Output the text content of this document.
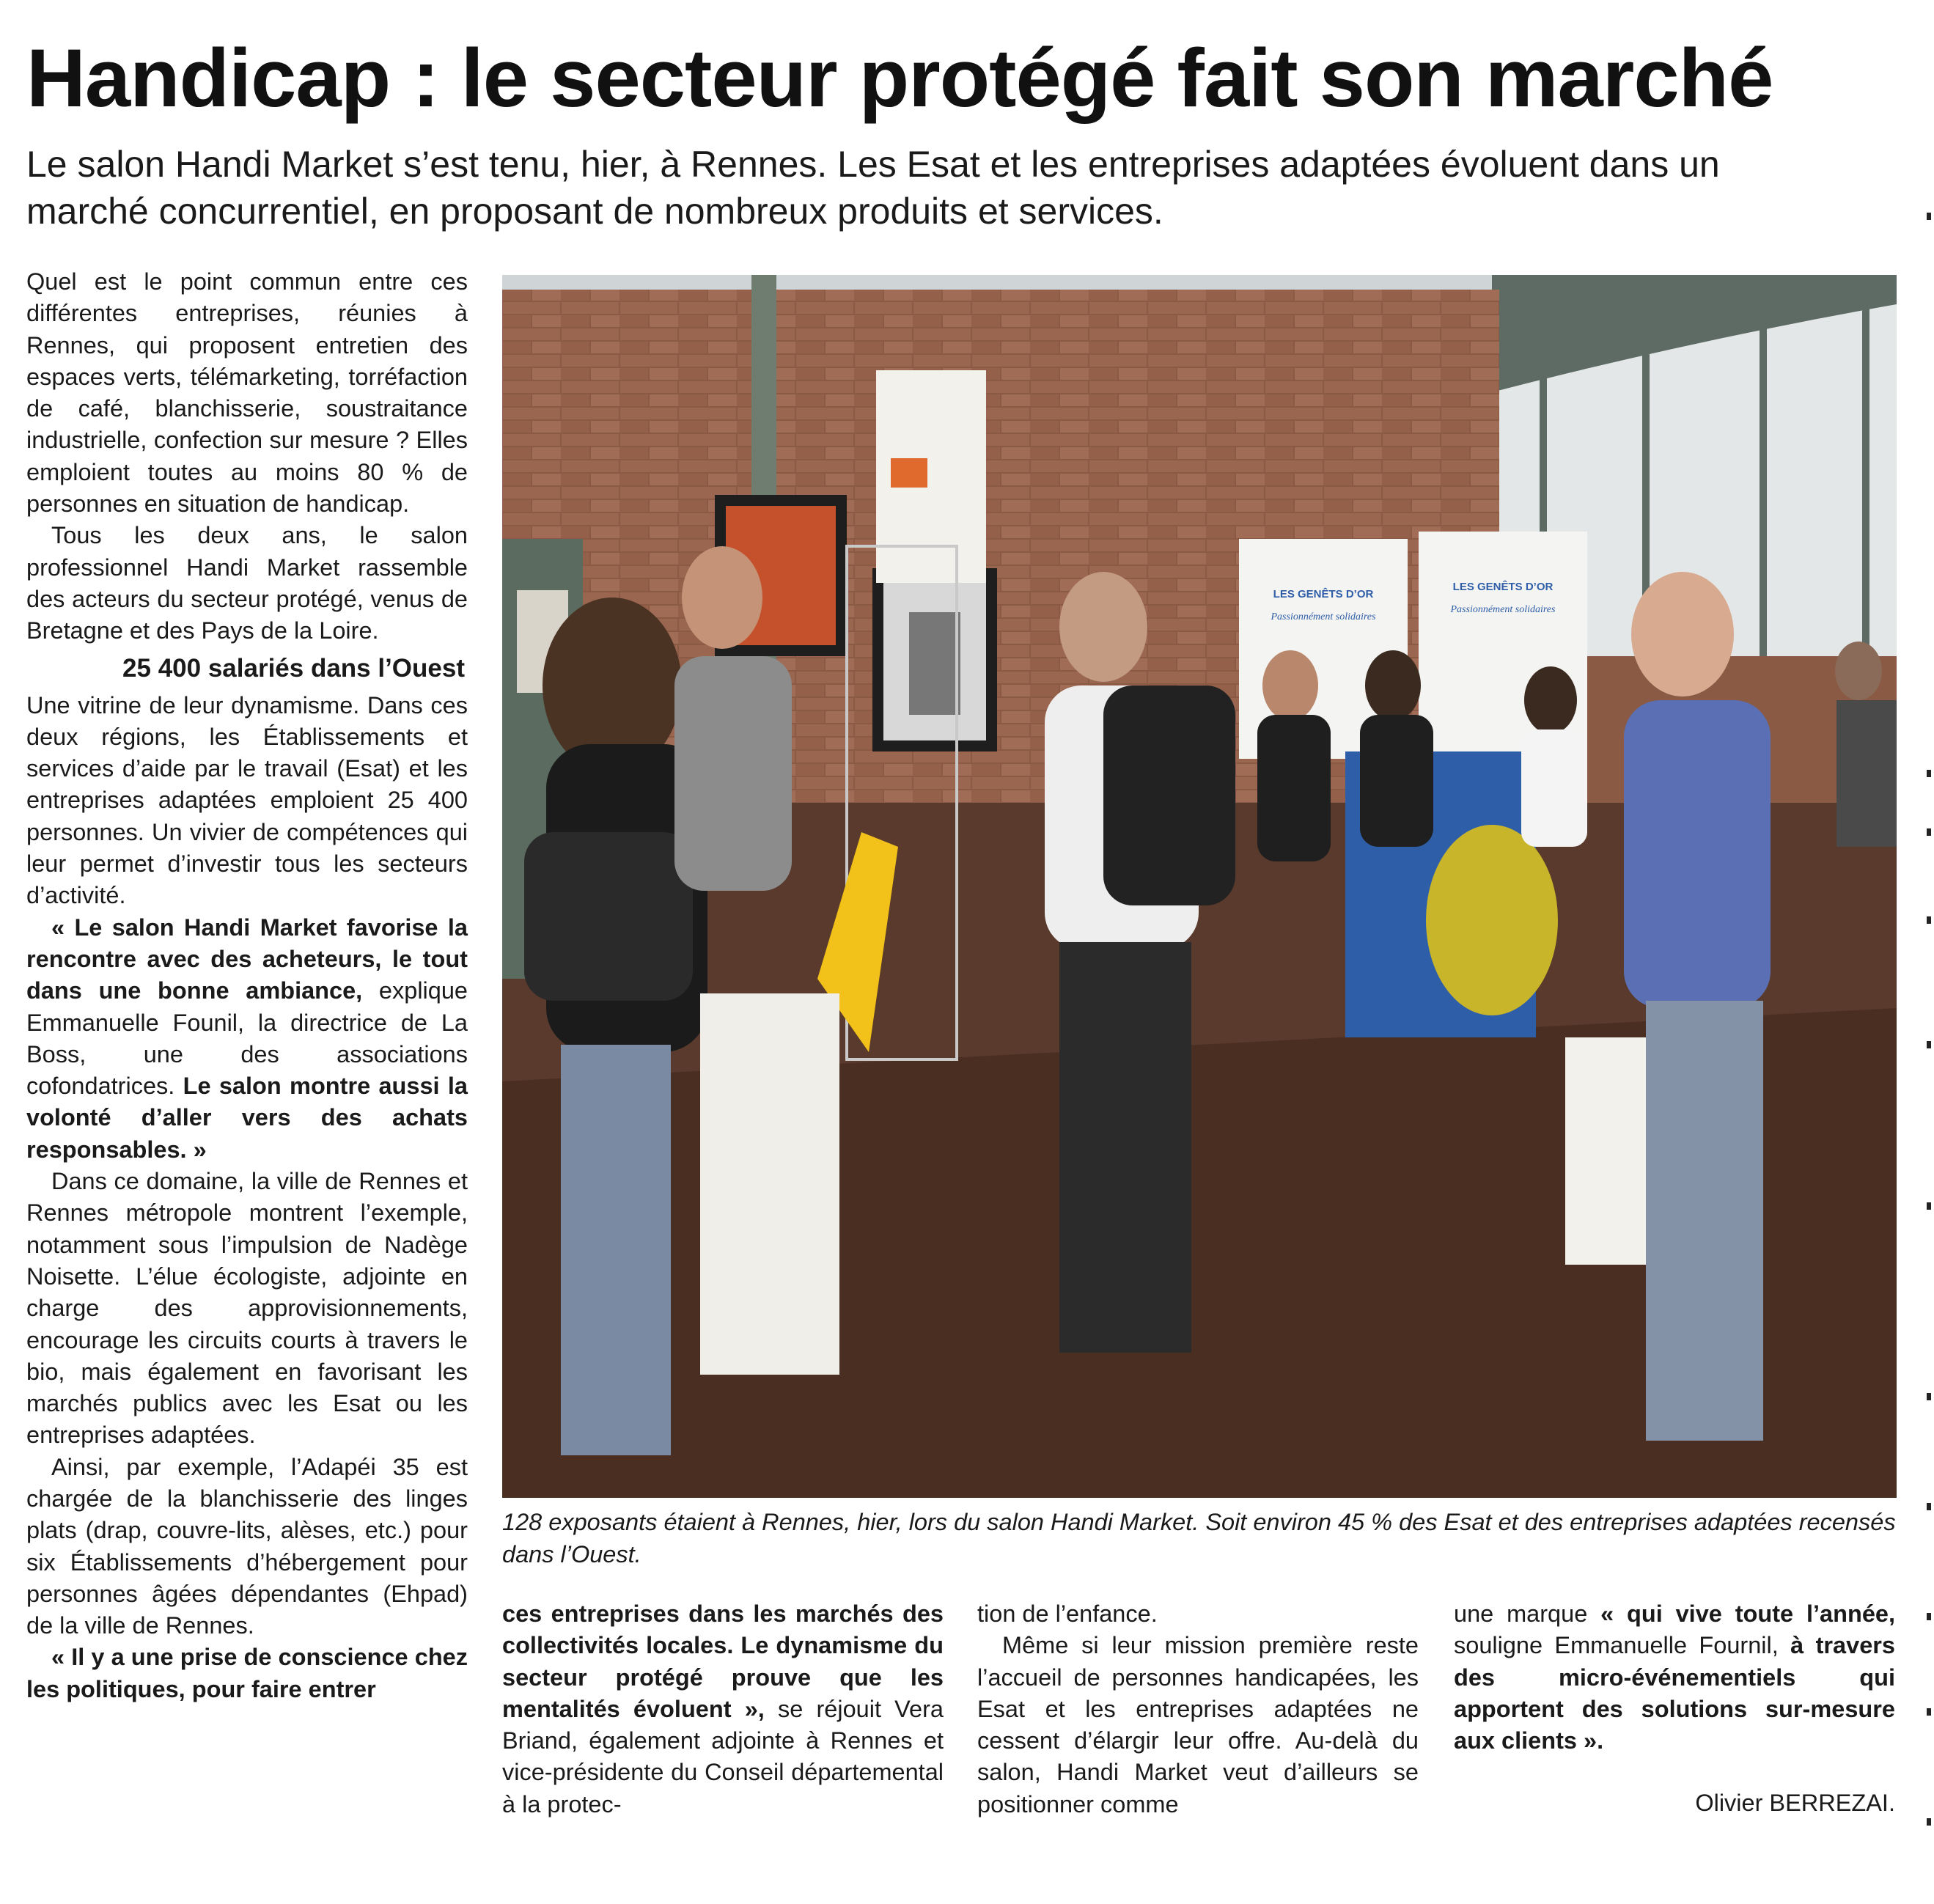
Handicap : le secteur protégé fait son marché

Le salon Handi Market s’est tenu, hier, à Rennes. Les Esat et les entreprises adaptées évoluent dans un marché concurrentiel, en proposant de nombreux produits et services.

Quel est le point commun entre ces différentes entreprises, réunies à Rennes, qui proposent entretien des espaces verts, télémarketing, torréfaction de café, blanchisserie, soustraitance industrielle, confection sur mesure ? Elles emploient toutes au moins 80 % de personnes en situation de handicap.

Tous les deux ans, le salon professionnel Handi Market rassemble des acteurs du secteur protégé, venus de Bretagne et des Pays de la Loire.

25 400 salariés dans l’Ouest

Une vitrine de leur dynamisme. Dans ces deux régions, les Établissements et services d’aide par le travail (Esat) et les entreprises adaptées emploient 25 400 personnes. Un vivier de compétences qui leur permet d’investir tous les secteurs d’activité.

« Le salon Handi Market favorise la rencontre avec des acheteurs, le tout dans une bonne ambiance, explique Emmanuelle Founil, la directrice de La Boss, une des associations cofondatrices. Le salon montre aussi la volonté d’aller vers des achats responsables. »

Dans ce domaine, la ville de Rennes et Rennes métropole montrent l’exemple, notamment sous l’impulsion de Nadège Noisette. L’élue écologiste, adjointe en charge des approvisionnements, encourage les circuits courts à travers le bio, mais également en favorisant les marchés publics avec les Esat ou les entreprises adaptées.

Ainsi, par exemple, l’Adapéi 35 est chargée de la blanchisserie des linges plats (drap, couvre-lits, alèses, etc.) pour six Établissements d’hébergement pour personnes âgées dépendantes (Ehpad) de la ville de Rennes.

« Il y a une prise de conscience chez les politiques, pour faire entrer

LES GENÊTS D’OR
Passionnément solidaires
LES GENÊTS D’OR
Passionnément solidaires

128 exposants étaient à Rennes, hier, lors du salon Handi Market. Soit environ 45 % des Esat et des entreprises adaptées recensés dans l’Ouest.

ces entreprises dans les marchés des collectivités locales. Le dynamisme du secteur protégé prouve que les mentalités évoluent », se réjouit Vera Briand, également adjointe à Rennes et vice-présidente du Conseil départemental à la protec-

tion de l’enfance.

Même si leur mission première reste l’accueil de personnes handicapées, les Esat et les entreprises adaptées ne cessent d’élargir leur offre. Au-delà du salon, Handi Market veut d’ailleurs se positionner comme

une marque « qui vive toute l’année, souligne Emmanuelle Fournil, à travers des micro-événementiels qui apportent des solutions sur-mesure aux clients ».

Olivier BERREZAI.
